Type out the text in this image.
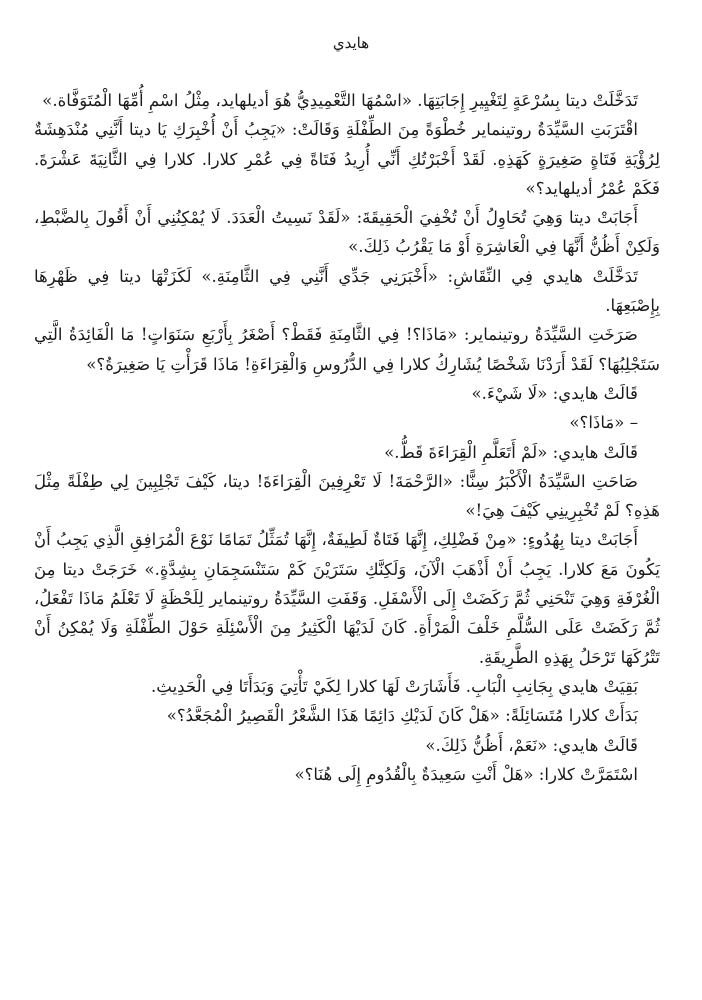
هايدي

تَدَخَّلَتْ ديتا بِسُرْعَةٍ لِتَغْيِيرِ إِجَابَتِهَا. «اسْمُهَا التَّعْمِيدِيُّ هُوَ أديلهايد، مِثْلُ اسْمِ أُمِّهَا الْمُتَوَفَّاة.»

اقْتَرَبَتِ السَّيِّدَةُ روتينماير خُطْوَةً مِنَ الطِّفْلَةِ وَقَالَتْ: «يَجِبُ أَنْ أُخْبِرَكِ يَا ديتا أَنَّنِي مُنْدَهِشَةٌ لِرُؤْيَةِ فَتَاةٍ صَغِيرَةٍ كَهَذِهِ. لَقَدْ أَخْبَرْتُكِ أَنِّي أُرِيدُ فَتَاةً فِي عُمْرِ كلارا. كلارا فِي الثَّانِيَةَ عَشْرَةَ. فَكَمْ عُمْرُ أديلهايد؟»

أَجَابَتْ ديتا وَهِيَ تُحَاوِلُ أَنْ تُخْفِيَ الْحَقِيقَةَ: «لَقَدْ نَسِيتُ الْعَدَدَ. لَا يُمْكِنُنِي أَنْ أَقُولَ بِالضَّبْطِ، وَلَكِنْ أَظُنُّ أَنَّهَا فِي الْعَاشِرَةِ أَوْ مَا يَقْرُبُ ذَلِكَ.»

تَدَخَّلَتْ هايدي فِي النِّقَاشِ: «أَخْبَرَنِي جَدِّي أَنَّنِي فِي الثَّامِنَةِ.» لَكَزَتْهَا ديتا فِي ظَهْرِهَا بِإِصْبَعِهَا.

صَرَخَتِ السَّيِّدَةُ روتينماير: «مَاذَا؟! فِي الثَّامِنَةِ فَقَطْ؟ أَصْغَرُ بِأَرْبَعِ سَنَوَاتٍ! مَا الْفَائِدَةُ الَّتِي سَتَجْلِبُهَا؟ لَقَدْ أَرَدْنَا شَخْصًا يُشَارِكُ كلارا فِي الدُّرُوسِ وَالْقِرَاءَةِ! مَاذَا قَرَأْتِ يَا صَغِيرَةُ؟»

قَالَتْ هايدي: «لَا شَيْءَ.»

– «مَاذَا؟»

قَالَتْ هايدي: «لَمْ أَتَعَلَّمِ الْقِرَاءَةَ قَطُّ.»

صَاحَتِ السَّيِّدَةُ الْأَكْبَرُ سِنًّا: «الرَّحْمَةَ! لَا تَعْرِفِينَ الْقِرَاءَةَ! ديتا، كَيْفَ تَجْلِبِينَ لِي طِفْلَةً مِثْلَ هَذِهِ؟ لَمْ تُخْبِرِينِي كَيْفَ هِيَ!»

أَجَابَتْ ديتا بِهُدُوءٍ: «مِنْ فَضْلِكِ، إِنَّهَا فَتَاةٌ لَطِيفَةٌ، إِنَّهَا تُمَثِّلُ تَمَامًا نَوْعَ الْمُرَافِقِ الَّذِي يَجِبُ أَنْ يَكُونَ مَعَ كلارا. يَجِبُ أَنْ أَذْهَبَ الْآنَ، وَلَكِنَّكِ سَتَرَيْنَ كَمْ سَتَنْسَجِمَانِ بِشِدَّةٍ.» خَرَجَتْ ديتا مِنَ الْغُرْفَةِ وَهِيَ تَنْحَنِي ثُمَّ رَكَضَتْ إِلَى الْأَسْفَلِ. وَقَفَتِ السَّيِّدَةُ روتينماير لِلَحْظَةٍ لَا تَعْلَمُ مَاذَا تَفْعَلُ، ثُمَّ رَكَضَتْ عَلَى السُّلَّمِ خَلْفَ الْمَرْأَةِ. كَانَ لَدَيْهَا الْكَثِيرُ مِنَ الْأَسْئِلَةِ حَوْلَ الطِّفْلَةِ وَلَا يُمْكِنُ أَنْ تَتْرُكَهَا تَرْحَلُ بِهَذِهِ الطَّرِيقَةِ.

بَقِيَتْ هايدي بِجَانِبِ الْبَابِ. فَأَشَارَتْ لَهَا كلارا لِكَيْ تَأْتِيَ وَبَدَأَتَا فِي الْحَدِيثِ.

بَدَأَتْ كلارا مُتَسَائِلَةً: «هَلْ كَانَ لَدَيْكِ دَائِمًا هَذَا الشَّعْرُ الْقَصِيرُ الْمُجَعَّدُ؟»

قَالَتْ هايدي: «نَعَمْ، أَظُنُّ ذَلِكَ.»

اسْتَمَرَّتْ كلارا: «هَلْ أَنْتِ سَعِيدَةٌ بِالْقُدُومِ إِلَى هُنَا؟»
